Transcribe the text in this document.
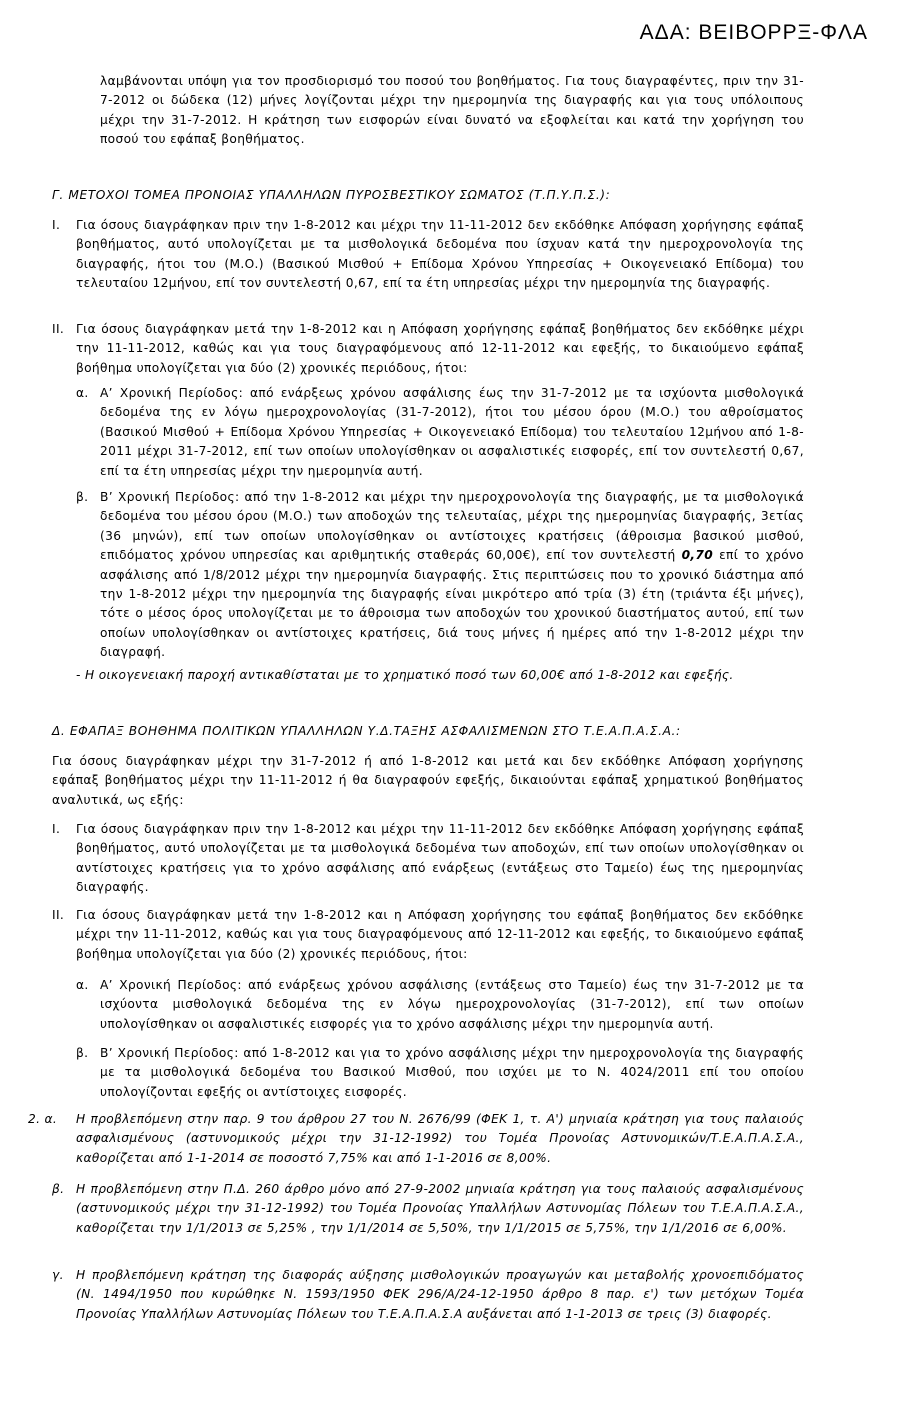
ΑΔΑ: ΒΕΙΒΟΡΡΞ-ΦΛΑ

λαμβάνονται υπόψη για τον προσδιορισμό του ποσού του βοηθήματος. Για τους διαγραφέντες, πριν την 31-7-2012 οι δώδεκα (12) μήνες λογίζονται μέχρι την ημερομηνία της διαγραφής και για τους υπόλοιπους μέχρι την 31-7-2012. Η κράτηση των εισφορών είναι δυνατό να εξοφλείται και κατά την χορήγηση του ποσού του εφάπαξ βοηθήματος.

Γ. ΜΕΤΟΧΟΙ ΤΟΜΕΑ ΠΡΟΝΟΙΑΣ ΥΠΑΛΛΗΛΩΝ ΠΥΡΟΣΒΕΣΤΙΚΟΥ ΣΩΜΑΤΟΣ (Τ.Π.Υ.Π.Σ.):

I. Για όσους διαγράφηκαν πριν την 1-8-2012 και μέχρι την 11-11-2012 δεν εκδόθηκε Απόφαση χορήγησης εφάπαξ βοηθήματος, αυτό υπολογίζεται με τα μισθολογικά δεδομένα που ίσχυαν κατά την ημερoχρονολογία της διαγραφής, ήτοι του (Μ.Ο.) (Βασικού Μισθού + Επίδομα Χρόνου Υπηρεσίας + Οικογενειακό Επίδομα) του τελευταίου 12μήνου, επί τον συντελεστή 0,67, επί τα έτη υπηρεσίας μέχρι την ημερομηνία της διαγραφής.

II. Για όσους διαγράφηκαν μετά την 1-8-2012 και η Απόφαση χορήγησης εφάπαξ βοηθήματος δεν εκδόθηκε μέχρι την 11-11-2012, καθώς και για τους διαγραφόμενους από 12-11-2012 και εφεξής, το δικαιούμενο εφάπαξ βοήθημα υπολογίζεται για δύο (2) χρονικές περιόδους, ήτοι:

α. Α’ Χρονική Περίοδος: από ενάρξεως χρόνου ασφάλισης έως την 31-7-2012 με τα ισχύοντα μισθολογικά δεδομένα της εν λόγω ημερoχρονολογίας (31-7-2012), ήτοι του μέσου όρου (Μ.Ο.) του αθροίσματος (Βασικού Μισθού + Επίδομα Χρόνου Υπηρεσίας + Οικογενειακό Επίδομα) του τελευταίου 12μήνου από 1-8-2011 μέχρι 31-7-2012, επί των οποίων υπολογίσθηκαν οι ασφαλιστικές εισφορές, επί τον συντελεστή 0,67, επί τα έτη υπηρεσίας μέχρι την ημερομηνία αυτή.

β. Β’ Χρονική Περίοδος: από την 1-8-2012 και μέχρι την ημερoχρονολογία της διαγραφής, με τα μισθολογικά δεδομένα του μέσου όρου (Μ.Ο.) των αποδοχών της τελευταίας, μέχρι της ημερομηνίας διαγραφής, 3ετίας (36 μηνών), επί των οποίων υπολογίσθηκαν οι αντίστοιχες κρατήσεις (άθροισμα βασικού μισθού, επιδόματος χρόνου υπηρεσίας και αριθμητικής σταθεράς 60,00€), επί τον συντελεστή 0,70 επί το χρόνο ασφάλισης από 1/8/2012 μέχρι την ημερομηνία διαγραφής. Στις περιπτώσεις που το χρονικό διάστημα από την 1-8-2012 μέχρι την ημερομηνία της διαγραφής είναι μικρότερο από τρία (3) έτη (τριάντα έξι μήνες), τότε ο μέσος όρος υπολογίζεται με το άθροισμα των αποδοχών του χρονικού διαστήματος αυτού, επί των οποίων υπολογίσθηκαν οι αντίστοιχες κρατήσεις, διά τους μήνες ή ημέρες από την 1-8-2012 μέχρι την διαγραφή.

- Η οικογενειακή παροχή αντικαθίσταται με το χρηματικό ποσό των 60,00€ από 1-8-2012 και εφεξής.

Δ. ΕΦΑΠΑΞ ΒΟΗΘΗΜΑ ΠΟΛΙΤΙΚΩΝ ΥΠΑΛΛΗΛΩΝ Υ.Δ.ΤΑΞΗΣ ΑΣΦΑΛΙΣΜΕΝΩΝ ΣΤΟ Τ.Ε.Α.Π.Α.Σ.Α.:

Για όσους διαγράφηκαν μέχρι την 31-7-2012 ή από 1-8-2012 και μετά και δεν εκδόθηκε Απόφαση χορήγησης εφάπαξ βοηθήματος μέχρι την 11-11-2012 ή θα διαγραφούν εφεξής, δικαιούνται εφάπαξ χρηματικού βοηθήματος αναλυτικά, ως εξής:

I. Για όσους διαγράφηκαν πριν την 1-8-2012 και μέχρι την 11-11-2012 δεν εκδόθηκε Απόφαση χορήγησης εφάπαξ βοηθήματος, αυτό υπολογίζεται με τα μισθολογικά δεδομένα των αποδοχών, επί των οποίων υπολογίσθηκαν οι αντίστοιχες κρατήσεις για το χρόνο ασφάλισης από ενάρξεως (εντάξεως στο Ταμείο) έως της ημερομηνίας διαγραφής.

II. Για όσους διαγράφηκαν μετά την 1-8-2012 και η Απόφαση χορήγησης του εφάπαξ βοηθήματος δεν εκδόθηκε μέχρι την 11-11-2012, καθώς και για τους διαγραφόμενους από 12-11-2012 και εφεξής, το δικαιούμενο εφάπαξ βοήθημα υπολογίζεται για δύο (2) χρονικές περιόδους, ήτοι:

α. Α’ Χρονική Περίοδος: από ενάρξεως χρόνου ασφάλισης (εντάξεως στο Ταμείο) έως την 31-7-2012 με τα ισχύοντα μισθολογικά δεδομένα της εν λόγω ημερoχρονολογίας (31-7-2012), επί των οποίων υπολογίσθηκαν οι ασφαλιστικές εισφορές για το χρόνο ασφάλισης μέχρι την ημερομηνία αυτή.

β. Β’ Χρονική Περίοδος: από 1-8-2012 και για το χρόνο ασφάλισης μέχρι την ημερoχρονολογία της διαγραφής με τα μισθολογικά δεδομένα του Βασικού Μισθού, που ισχύει με το Ν. 4024/2011 επί του οποίου υπολογίζονται εφεξής οι αντίστοιχες εισφορές.

2. α. Η προβλεπόμενη στην παρ. 9 του άρθρου 27 του Ν. 2676/99 (ΦΕΚ 1, τ. Α') μηνιαία κράτηση για τους παλαιούς ασφαλισμένους (αστυνομικούς μέχρι την 31-12-1992) του Τομέα Προνοίας Αστυνομικών/Τ.Ε.Α.Π.Α.Σ.Α., καθορίζεται από 1-1-2014 σε ποσοστό 7,75% και από 1-1-2016 σε 8,00%.

β. Η προβλεπόμενη στην Π.Δ. 260 άρθρο μόνο από 27-9-2002 μηνιαία κράτηση για τους παλαιούς ασφαλισμένους (αστυνομικούς μέχρι την 31-12-1992) του Τομέα Προνοίας Υπαλλήλων Αστυνομίας Πόλεων του Τ.Ε.Α.Π.Α.Σ.Α., καθορίζεται την 1/1/2013 σε 5,25% , την 1/1/2014 σε 5,50%, την 1/1/2015 σε 5,75%, την 1/1/2016 σε 6,00%.

γ. Η προβλεπόμενη κράτηση της διαφοράς αύξησης μισθολογικών προαγωγών και μεταβολής χρονοεπιδόματος (Ν. 1494/1950 που κυρώθηκε Ν. 1593/1950 ΦΕΚ 296/Α/24-12-1950 άρθρο 8 παρ. ε') των μετόχων Τομέα Προνοίας Υπαλλήλων Αστυνομίας Πόλεων του Τ.Ε.Α.Π.Α.Σ.Α αυξάνεται από 1-1-2013 σε τρεις (3) διαφορές.
